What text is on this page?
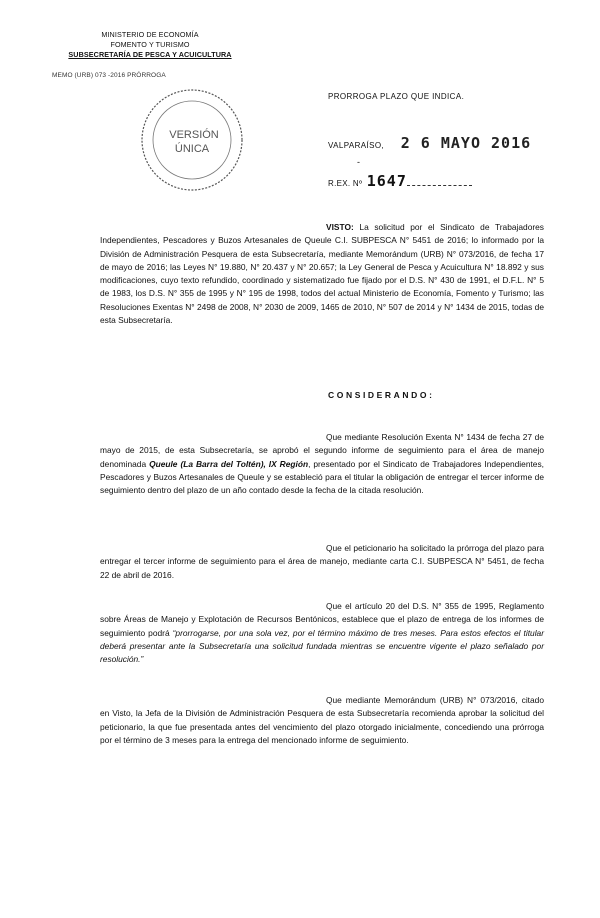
MINISTERIO DE ECONOMÍA
FOMENTO Y TURISMO
SUBSECRETARÍA DE PESCA Y ACUICULTURA
MEMO (URB) 073 -2016 PRÓRROGA
VERSIÓN
ÚNICA
PRORROGA PLAZO QUE INDICA.
VALPARAÍSO, 2 6 MAYO 2016
-
R.EX. Nº 1647
VISTO: La solicitud por el Sindicato de Trabajadores Independientes, Pescadores y Buzos Artesanales de Queule C.I. SUBPESCA N° 5451 de 2016; lo informado por la División de Administración Pesquera de esta Subsecretaría, mediante Memorándum (URB) N° 073/2016, de fecha 17 de mayo de 2016; las Leyes N° 19.880, N° 20.437 y N° 20.657; la Ley General de Pesca y Acuicultura N° 18.892 y sus modificaciones, cuyo texto refundido, coordinado y sistematizado fue fijado por el D.S. N° 430 de 1991, el D.F.L. N° 5 de 1983, los D.S. N° 355 de 1995 y N° 195 de 1998, todos del actual Ministerio de Economía, Fomento y Turismo; las Resoluciones Exentas N° 2498 de 2008, N° 2030 de 2009, 1465 de 2010, N° 507 de 2014 y N° 1434 de 2015, todas de esta Subsecretaría.
CONSIDERANDO:
Que mediante Resolución Exenta N° 1434 de fecha 27 de mayo de 2015, de esta Subsecretaría, se aprobó el segundo informe de seguimiento para el área de manejo denominada Queule (La Barra del Toltén), IX Región, presentado por el Sindicato de Trabajadores Independientes, Pescadores y Buzos Artesanales de Queule y se estableció para el titular la obligación de entregar el tercer informe de seguimiento dentro del plazo de un año contado desde la fecha de la citada resolución.
Que el peticionario ha solicitado la prórroga del plazo para entregar el tercer informe de seguimiento para el área de manejo, mediante carta C.I. SUBPESCA N° 5451, de fecha 22 de abril de 2016.
Que el artículo 20 del D.S. N° 355 de 1995, Reglamento sobre Áreas de Manejo y Explotación de Recursos Bentónicos, establece que el plazo de entrega de los informes de seguimiento podrá “prorrogarse, por una sola vez, por el término máximo de tres meses. Para estos efectos el titular deberá presentar ante la Subsecretaría una solicitud fundada mientras se encuentre vigente el plazo señalado por resolución.”
Que mediante Memorándum (URB) N° 073/2016, citado en Visto, la Jefa de la División de Administración Pesquera de esta Subsecretaría recomienda aprobar la solicitud del peticionario, la que fue presentada antes del vencimiento del plazo otorgado inicialmente, concediendo una prórroga por el término de 3 meses para la entrega del mencionado informe de seguimiento.
